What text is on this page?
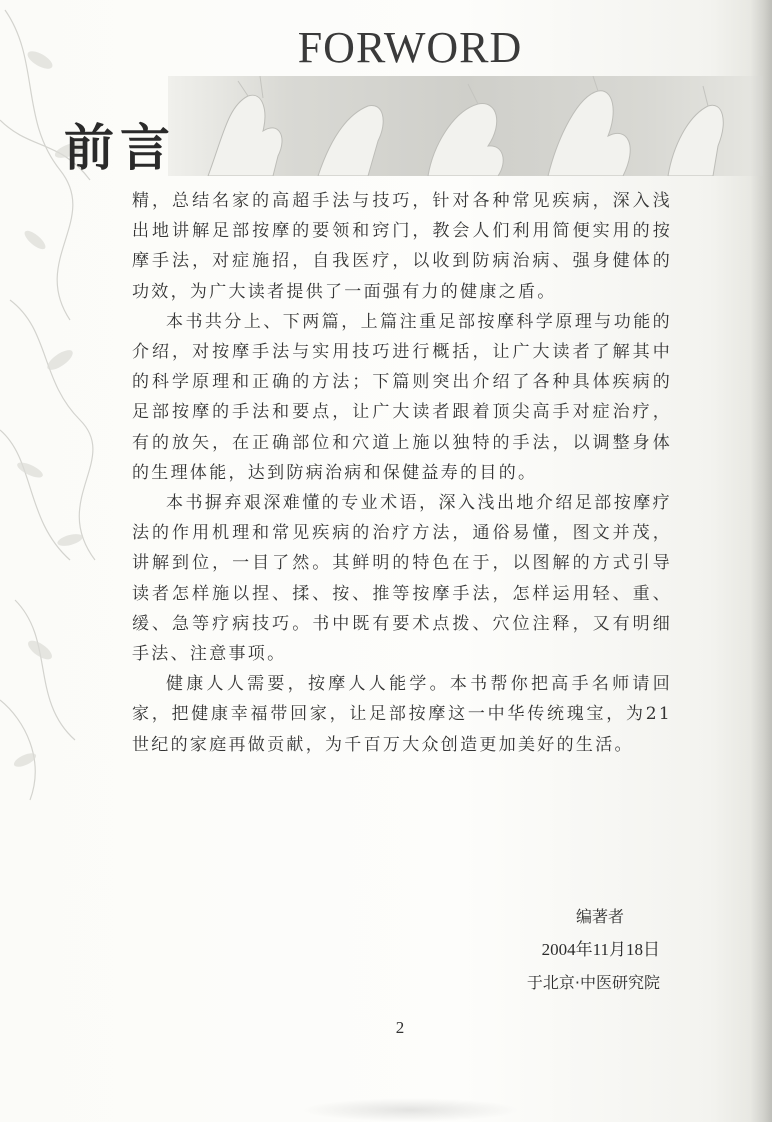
FORWORD
前言

精，总结名家的高超手法与技巧，针对各种常见疾病，深入浅出地讲解足部按摩的要领和窍门，教会人们利用简便实用的按摩手法，对症施招，自我医疗，以收到防病治病、强身健体的功效，为广大读者提供了一面强有力的健康之盾。

本书共分上、下两篇，上篇注重足部按摩科学原理与功能的介绍，对按摩手法与实用技巧进行概括，让广大读者了解其中的科学原理和正确的方法；下篇则突出介绍了各种具体疾病的足部按摩的手法和要点，让广大读者跟着顶尖高手对症治疗，有的放矢，在正确部位和穴道上施以独特的手法，以调整身体的生理体能，达到防病治病和保健益寿的目的。

本书摒弃艰深难懂的专业术语，深入浅出地介绍足部按摩疗法的作用机理和常见疾病的治疗方法，通俗易懂，图文并茂，讲解到位，一目了然。其鲜明的特色在于，以图解的方式引导读者怎样施以捏、揉、按、推等按摩手法，怎样运用轻、重、缓、急等疗病技巧。书中既有要术点拨、穴位注释，又有明细手法、注意事项。

健康人人需要，按摩人人能学。本书帮你把高手名师请回家，把健康幸福带回家，让足部按摩这一中华传统瑰宝，为21世纪的家庭再做贡献，为千百万大众创造更加美好的生活。

编著者
2004年11月18日
于北京·中医研究院
2
